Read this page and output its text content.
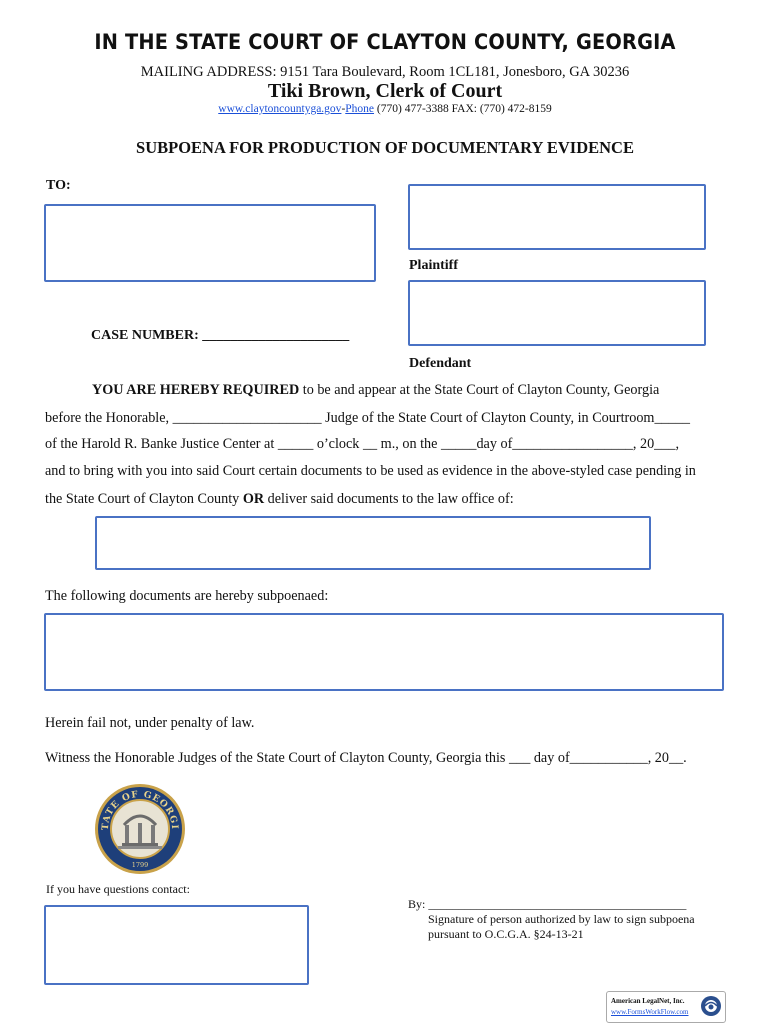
IN THE STATE COURT OF CLAYTON COUNTY, GEORGIA
MAILING ADDRESS: 9151 Tara Boulevard, Room 1CL181, Jonesboro, GA 30236
Tiki Brown, Clerk of Court
www.claytoncountyga.gov-Phone (770) 477-3388 FAX: (770) 472-8159
SUBPOENA FOR PRODUCTION OF DOCUMENTARY EVIDENCE
TO:
Plaintiff
CASE NUMBER: _____________________
Defendant
YOU ARE HEREBY REQUIRED to be and appear at the State Court of Clayton County, Georgia
before the Honorable, _____________________ Judge of the State Court of Clayton County, in Courtroom_____
of the Harold R. Banke Justice Center at _____ o’clock __ m., on the _____day of_________________, 20___,
and to bring with you into said Court certain documents to be used as evidence in the above-styled case pending in
the State Court of Clayton County OR deliver said documents to the law office of:
The following documents are hereby subpoenaed:
Herein fail not, under penalty of law.
Witness the Honorable Judges of the State Court of Clayton County, Georgia this ___ day of___________, 20__.
TATE OF GEORGI
1799
If you have questions contact:
By: ___________________________________________
Signature of person authorized by law to sign subpoena
pursuant to O.C.G.A. §24-13-21
American LegalNet, Inc.
www.FormsWorkFlow.com
